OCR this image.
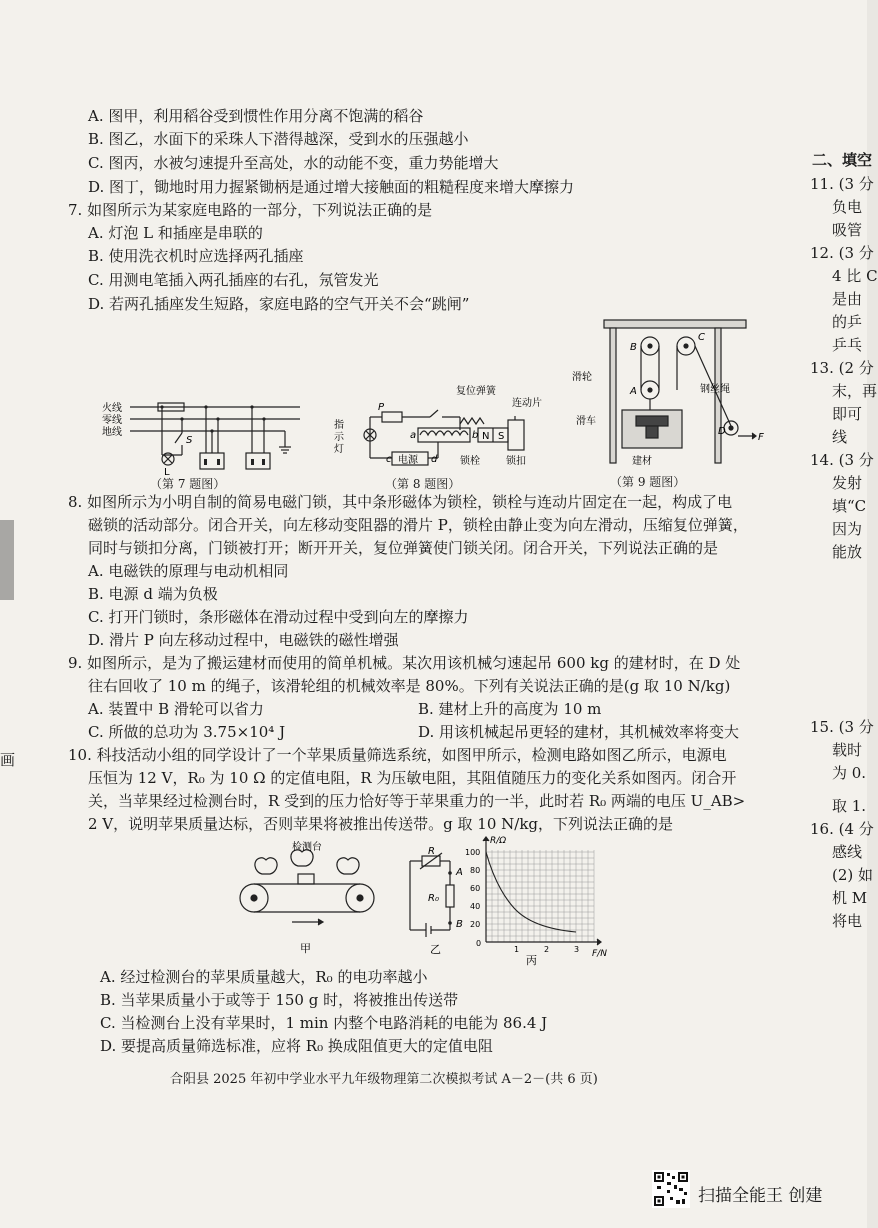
A. 图甲，利用稻谷受到惯性作用分离不饱满的稻谷
B. 图乙，水面下的采珠人下潜得越深，受到水的压强越小
C. 图丙，水被匀速提升至高处，水的动能不变，重力势能增大
D. 图丁，锄地时用力握紧锄柄是通过增大接触面的粗糙程度来增大摩擦力
7. 如图所示为某家庭电路的一部分，下列说法正确的是
A. 灯泡 L 和插座是串联的
B. 使用洗衣机时应选择两孔插座
C. 用测电笔插入两孔插座的右孔，氖管发光
D. 若两孔插座发生短路，家庭电路的空气开关不会“跳闸”
火线
零线
地线
S
L
（第 7 题图）
P
指
示
灯
a	b
c	d
电源
N S
复位弹簧
连动片
锁栓	锁扣
（第 8 题图）
B
C
A
D
F
滑轮
钢丝绳
滑车
建材
（第 9 题图）
8. 如图所示为小明自制的简易电磁门锁，其中条形磁体为锁栓，锁栓与连动片固定在一起，构成了电
磁锁的活动部分。闭合开关，向左移动变阻器的滑片 P，锁栓由静止变为向左滑动，压缩复位弹簧，
同时与锁扣分离，门锁被打开；断开开关，复位弹簧使门锁关闭。闭合开关，下列说法正确的是
A. 电磁铁的原理与电动机相同
B. 电源 d 端为负极
C. 打开门锁时，条形磁体在滑动过程中受到向左的摩擦力
D. 滑片 P 向左移动过程中，电磁铁的磁性增强
9. 如图所示，是为了搬运建材而使用的简单机械。某次用该机械匀速起吊 600 kg 的建材时，在 D 处
往右回收了 10 m 的绳子，该滑轮组的机械效率是 80%。下列有关说法正确的是(g 取 10 N/kg)
A. 装置中 B 滑轮可以省力	B. 建材上升的高度为 10 m
C. 所做的总功为 3.75×10⁴ J	D. 用该机械起吊更轻的建材，其机械效率将变大
10. 科技活动小组的同学设计了一个苹果质量筛选系统，如图甲所示，检测电路如图乙所示，电源电
压恒为 12 V，R₀ 为 10 Ω 的定值电阻，R 为压敏电阻，其阻值随压力的变化关系如图丙。闭合开
关，当苹果经过检测台时，R 受到的压力恰好等于苹果重力的一半，此时若 R₀ 两端的电压 U_AB>
2 V，说明苹果质量达标，否则苹果将被推出传送带。g 取 10 N/kg，下列说法正确的是
检测台
甲
R
R₀
A
B
乙
R/Ω
F/N
100
80
60
40
20
0
1	2	3
丙
A. 经过检测台的苹果质量越大，R₀ 的电功率越小
B. 当苹果质量小于或等于 150 g 时，将被推出传送带
C. 当检测台上没有苹果时，1 min 内整个电路消耗的电能为 86.4 J
D. 要提高质量筛选标准，应将 R₀ 换成阻值更大的定值电阻
合阳县 2025 年初中学业水平九年级物理第二次模拟考试 A－2－(共 6 页)
二、填空
11. (3 分
负电
吸管
12. (3 分
4 比 C
是由
的乒
乒乓
13. (2 分
末，再
即可
线
14. (3 分
发射
填“C
因为
能放
15. (3 分
载时
为 0.
取 1.
16. (4 分
感线
(2) 如
机 M
将电
画
扫描全能王 创建
